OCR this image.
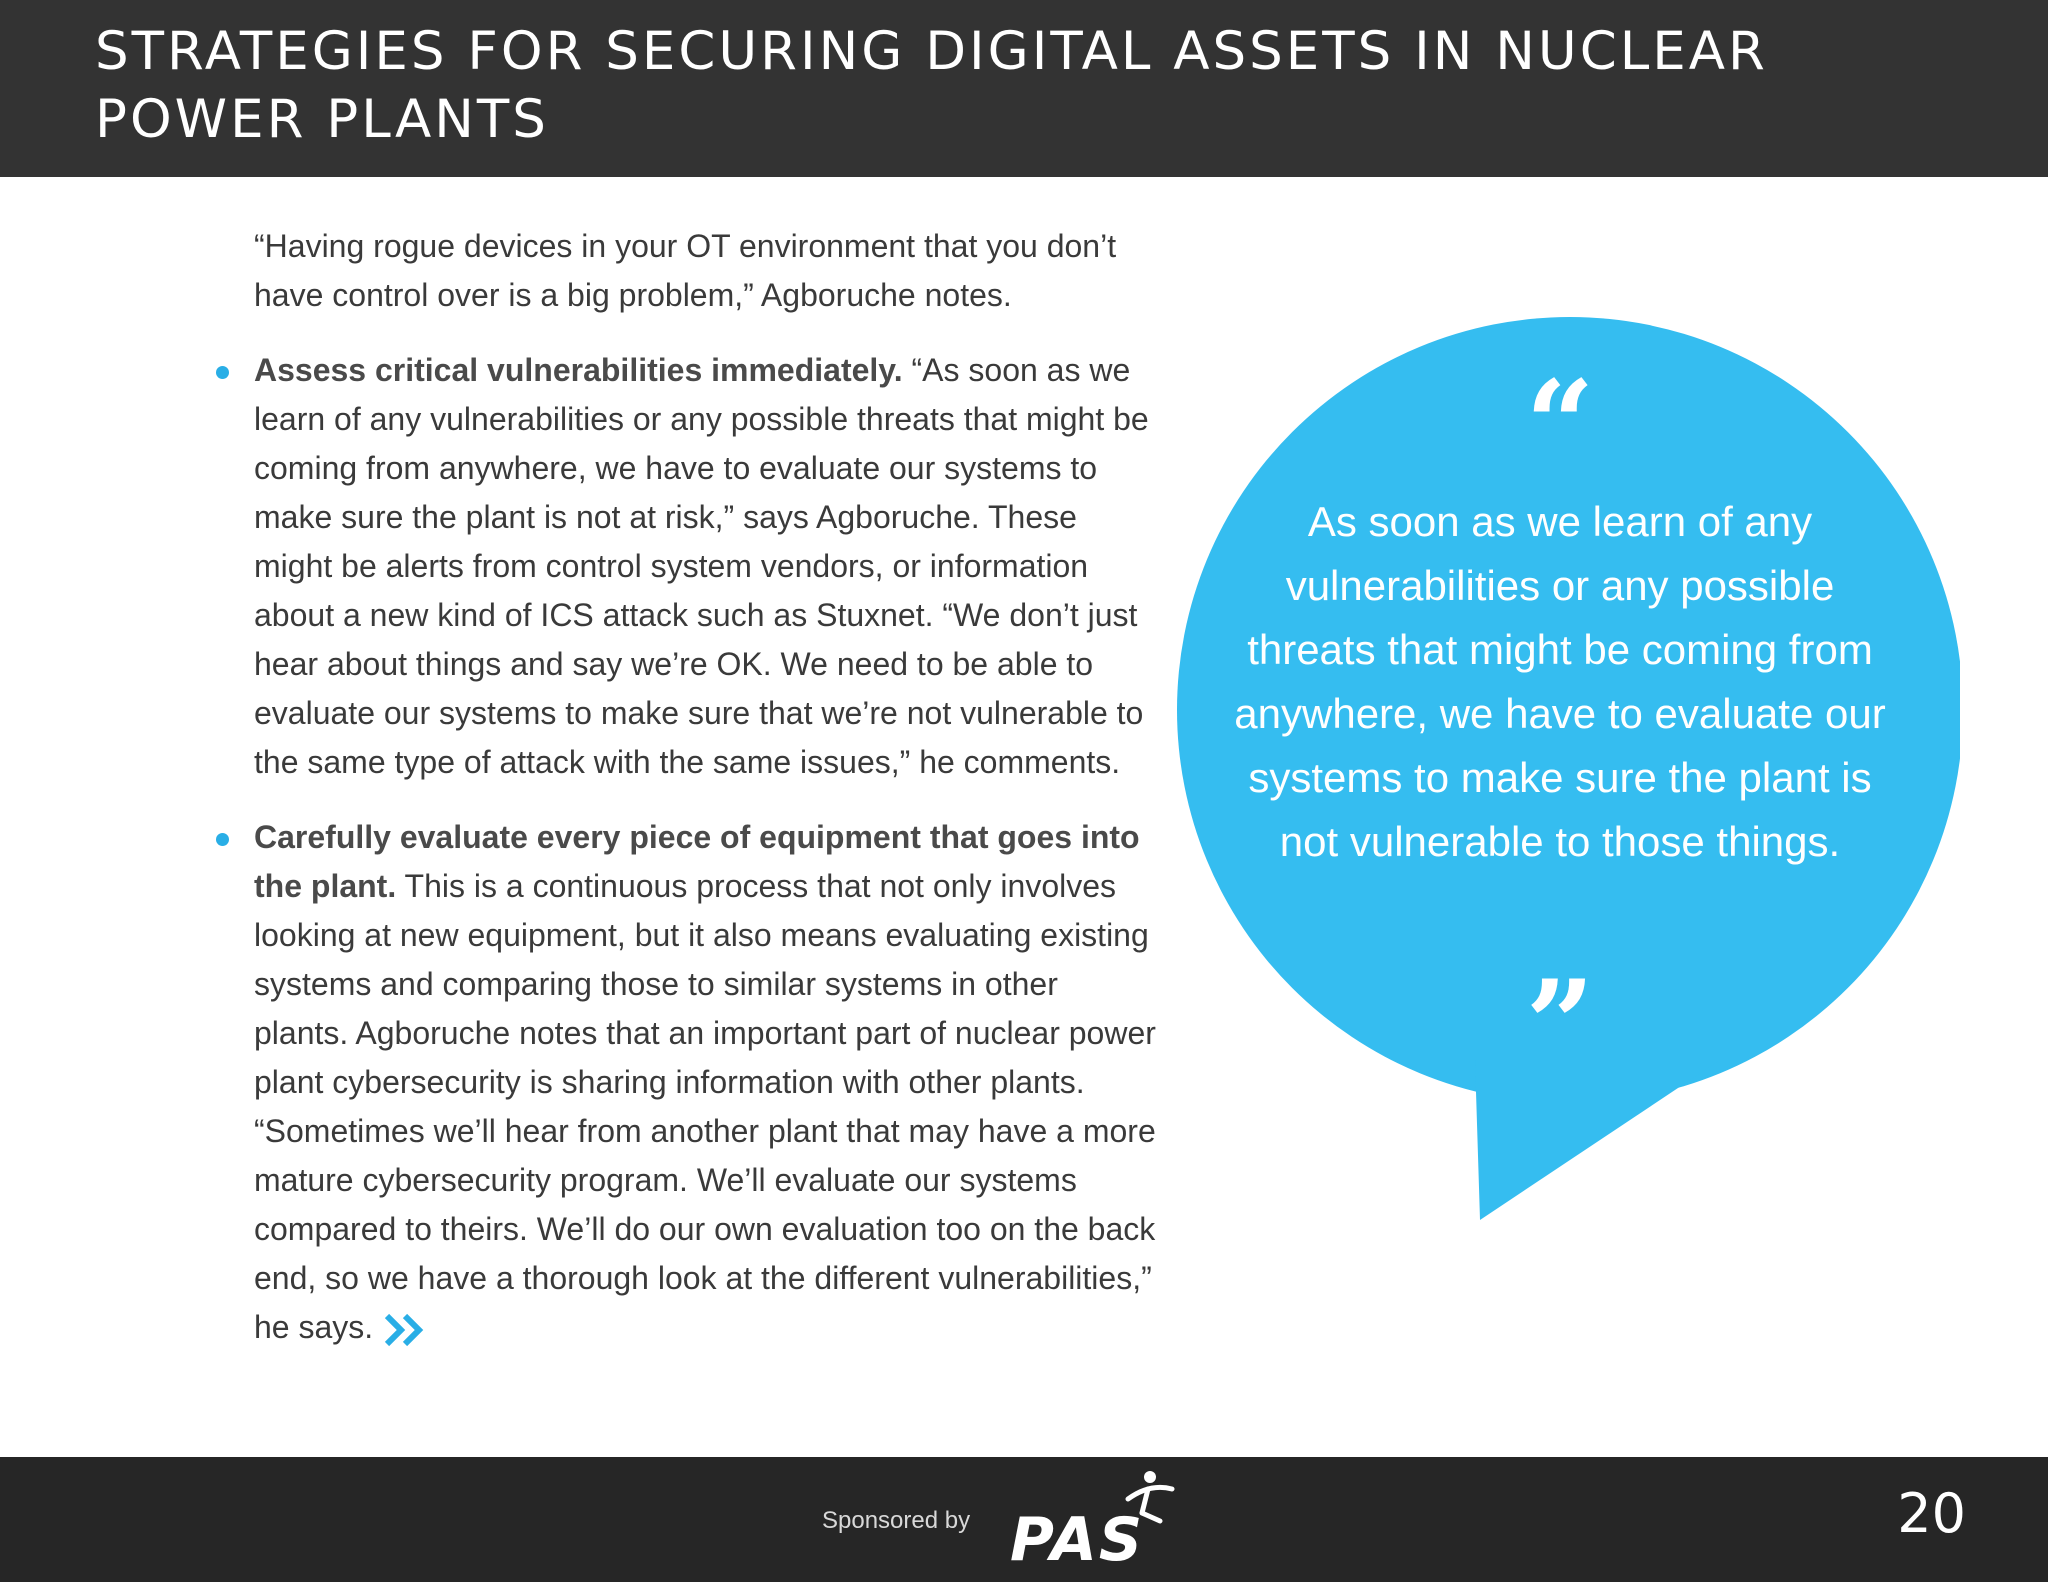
STRATEGIES FOR SECURING DIGITAL ASSETS IN NUCLEAR POWER PLANTS

“Having rogue devices in your OT environment that you don’t have control over is a big problem,” Agboruche notes.

Assess critical vulnerabilities immediately. “As soon as we learn of any vulnerabilities or any possible threats that might be coming from anywhere, we have to evaluate our systems to make sure the plant is not at risk,” says Agboruche. These might be alerts from control system vendors, or information about a new kind of ICS attack such as Stuxnet. “We don’t just hear about things and say we’re OK. We need to be able to evaluate our systems to make sure that we’re not vulnerable to the same type of attack with the same issues,” he comments.
Carefully evaluate every piece of equipment that goes into the plant. This is a continuous process that not only involves looking at new equipment, but it also means evaluating existing systems and comparing those to similar systems in other plants. Agboruche notes that an important part of nuclear power plant cybersecurity is sharing information with other plants. “Sometimes we’ll hear from another plant that may have a more mature cybersecurity program. We’ll evaluate our systems compared to theirs. We’ll do our own evaluation too on the back end, so we have a thorough look at the different vulnerabilities,” he says.
“

As soon as we learn of any vulnerabilities or any possible threats that might be coming from anywhere, we have to evaluate our systems to make sure the plant is not vulnerable to those things.

”
Sponsored by PAS	20
